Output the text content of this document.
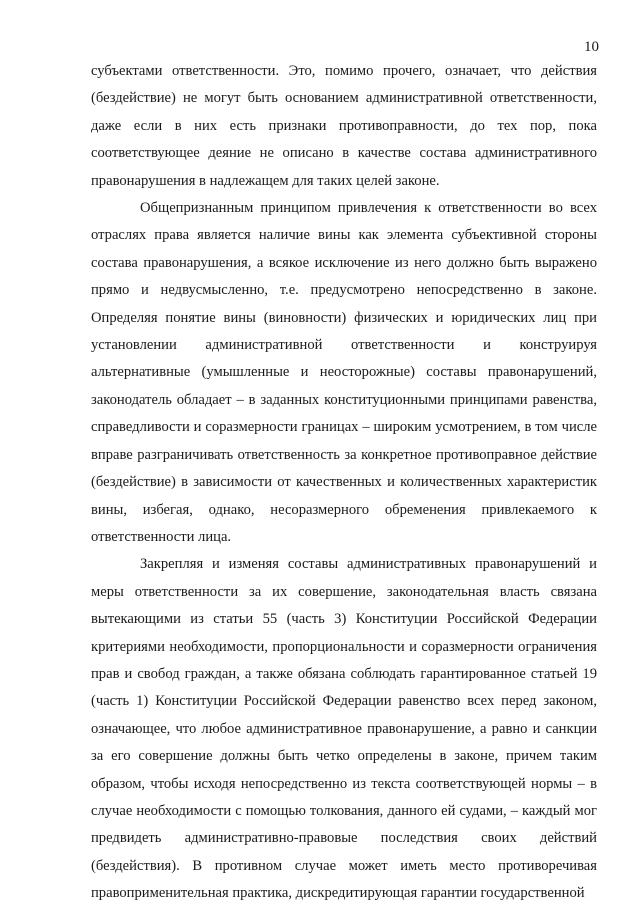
10

субъектами ответственности. Это, помимо прочего, означает, что действия (бездействие) не могут быть основанием административной ответственности, даже если в них есть признаки противоправности, до тех пор, пока соответствующее деяние не описано в качестве состава административного правонарушения в надлежащем для таких целей законе.

Общепризнанным принципом привлечения к ответственности во всех отраслях права является наличие вины как элемента субъективной стороны состава правонарушения, а всякое исключение из него должно быть выражено прямо и недвусмысленно, т.е. предусмотрено непосредственно в законе. Определяя понятие вины (виновности) физических и юридических лиц при установлении административной ответственности и конструируя альтернативные (умышленные и неосторожные) составы правонарушений, законодатель обладает – в заданных конституционными принципами равенства, справедливости и соразмерности границах – широким усмотрением, в том числе вправе разграничивать ответственность за конкретное противоправное действие (бездействие) в зависимости от качественных и количественных характеристик вины, избегая, однако, несоразмерного обременения привлекаемого к ответственности лица.

Закрепляя и изменяя составы административных правонарушений и меры ответственности за их совершение, законодательная власть связана вытекающими из статьи 55 (часть 3) Конституции Российской Федерации критериями необходимости, пропорциональности и соразмерности ограничения прав и свобод граждан, а также обязана соблюдать гарантированное статьей 19 (часть 1) Конституции Российской Федерации равенство всех перед законом, означающее, что любое административное правонарушение, а равно и санкции за его совершение должны быть четко определены в законе, причем таким образом, чтобы исходя непосредственно из текста соответствующей нормы – в случае необходимости с помощью толкования, данного ей судами, – каждый мог предвидеть административно-правовые последствия своих действий (бездействия). В противном случае может иметь место противоречивая правоприменительная практика, дискредитирующая гарантии государственной
